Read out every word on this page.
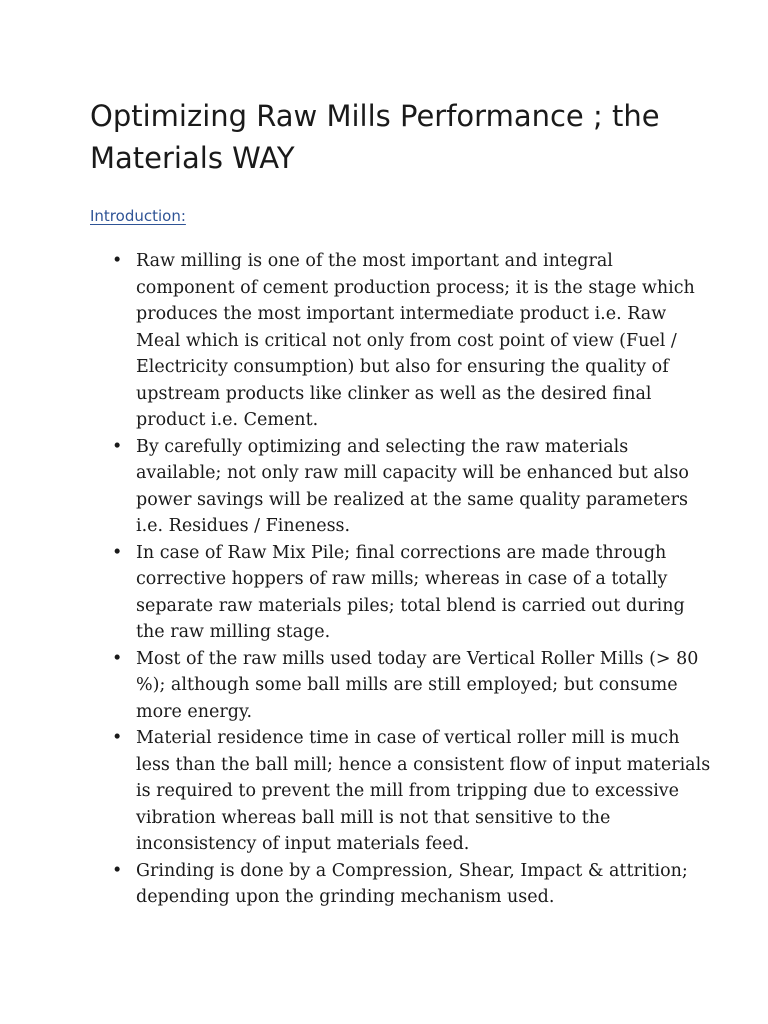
Optimizing Raw Mills Performance ; the Materials WAY

Introduction:

• Raw milling is one of the most important and integral
component of cement production process; it is the stage which
produces the most important intermediate product i.e. Raw
Meal which is critical not only from cost point of view (Fuel /
Electricity consumption) but also for ensuring the quality of
upstream products like clinker as well as the desired final
product i.e. Cement.
• By carefully optimizing and selecting the raw materials
available; not only raw mill capacity will be enhanced but also
power savings will be realized at the same quality parameters
i.e. Residues / Fineness.
• In case of Raw Mix Pile; final corrections are made through
corrective hoppers of raw mills; whereas in case of a totally
separate raw materials piles; total blend is carried out during
the raw milling stage.
• Most of the raw mills used today are Vertical Roller Mills (> 80
%); although some ball mills are still employed; but consume
more energy.
• Material residence time in case of vertical roller mill is much
less than the ball mill; hence a consistent flow of input materials
is required to prevent the mill from tripping due to excessive
vibration whereas ball mill is not that sensitive to the
inconsistency of input materials feed.
• Grinding is done by a Compression, Shear, Impact & attrition;
depending upon the grinding mechanism used.
